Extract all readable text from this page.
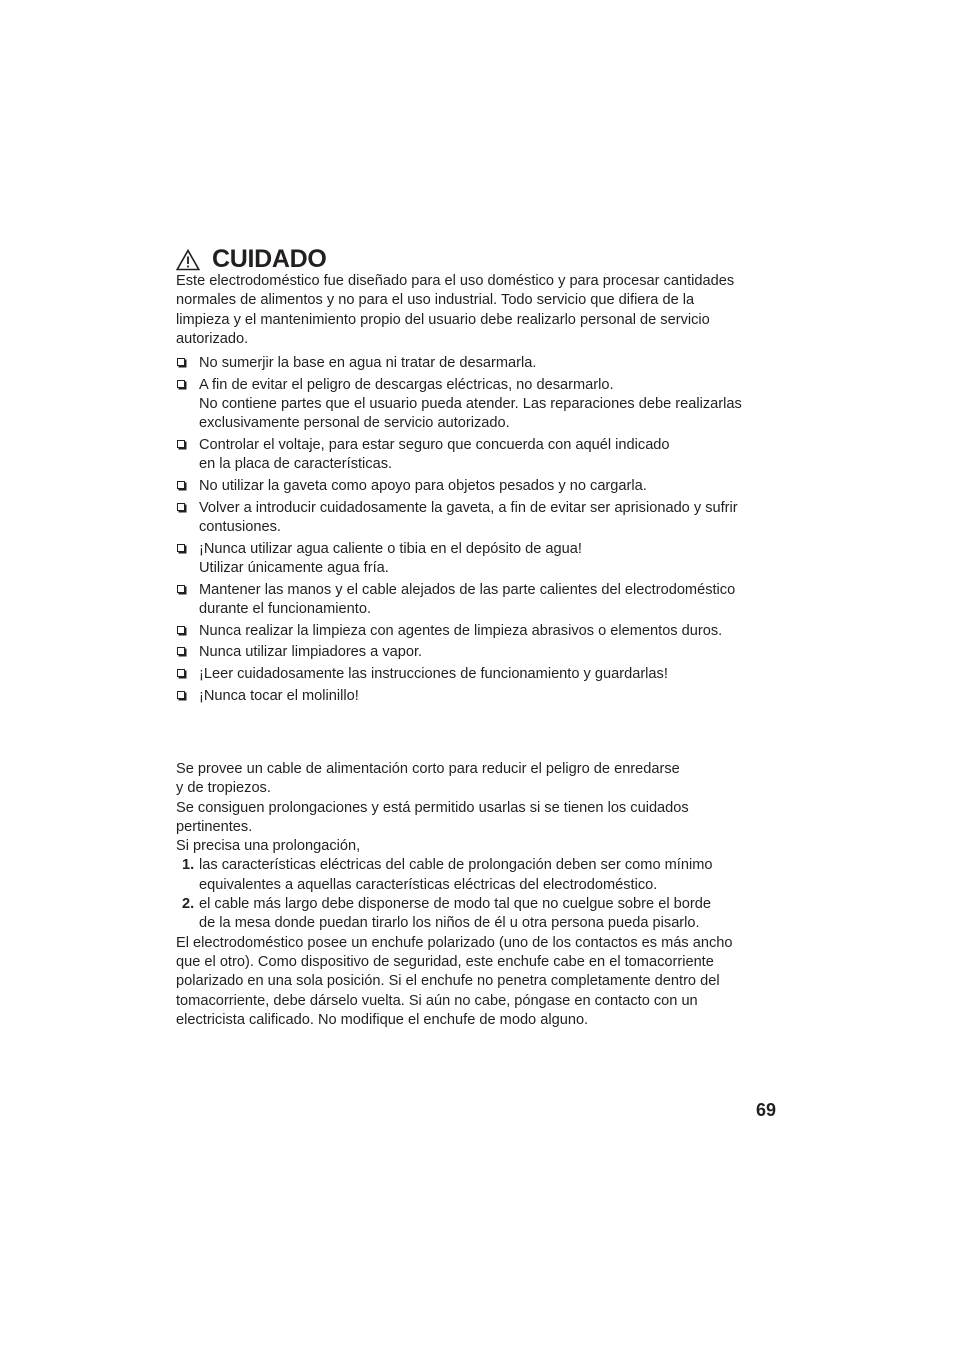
CUIDADO

Este electrodoméstico fue diseñado para el uso doméstico y para procesar cantidades
normales de alimentos y no para el uso industrial. Todo servicio que difiera de la
limpieza y el mantenimiento propio del usuario debe realizarlo personal de servicio
autorizado.

No sumerjir la base en agua ni tratar de desarmarla.
A fin de evitar el peligro de descargas eléctricas, no desarmarlo.
No contiene partes que el usuario pueda atender. Las reparaciones debe realizarlas
exclusivamente personal de servicio autorizado.
Controlar el voltaje, para estar seguro que concuerda con aquél indicado
en la placa de características.
No utilizar la gaveta como apoyo para objetos pesados y no cargarla.
Volver a introducir cuidadosamente la gaveta, a fin de evitar ser aprisionado y sufrir
contusiones.
¡Nunca utilizar agua caliente o tibia en el depósito de agua!
Utilizar únicamente agua fría.
Mantener las manos y el cable alejados de las parte calientes del electrodoméstico
durante el funcionamiento.
Nunca realizar la limpieza con agentes de limpieza abrasivos o elementos duros.
Nunca utilizar limpiadores a vapor.
¡Leer cuidadosamente las instrucciones de funcionamiento y guardarlas!
¡Nunca tocar el molinillo!

Se provee un cable de alimentación corto para reducir el peligro de enredarse
y de tropiezos.
Se consiguen prolongaciones y está permitido usarlas si se tienen los cuidados
pertinentes.
Si precisa una prolongación,

1. las características eléctricas del cable de prolongación deben ser como mínimo
equivalentes a aquellas características eléctricas del electrodoméstico.
2. el cable más largo debe disponerse de modo tal que no cuelgue sobre el borde
de la mesa donde puedan tirarlo los niños de él u otra persona pueda pisarlo.

El electrodoméstico posee un enchufe polarizado (uno de los contactos es más ancho
que el otro). Como dispositivo de seguridad, este enchufe cabe en el tomacorriente
polarizado en una sola posición. Si el enchufe no penetra completamente dentro del
tomacorriente, debe dárselo vuelta. Si aún no cabe, póngase en contacto con un
electricista calificado. No modifique el enchufe de modo alguno.

69
